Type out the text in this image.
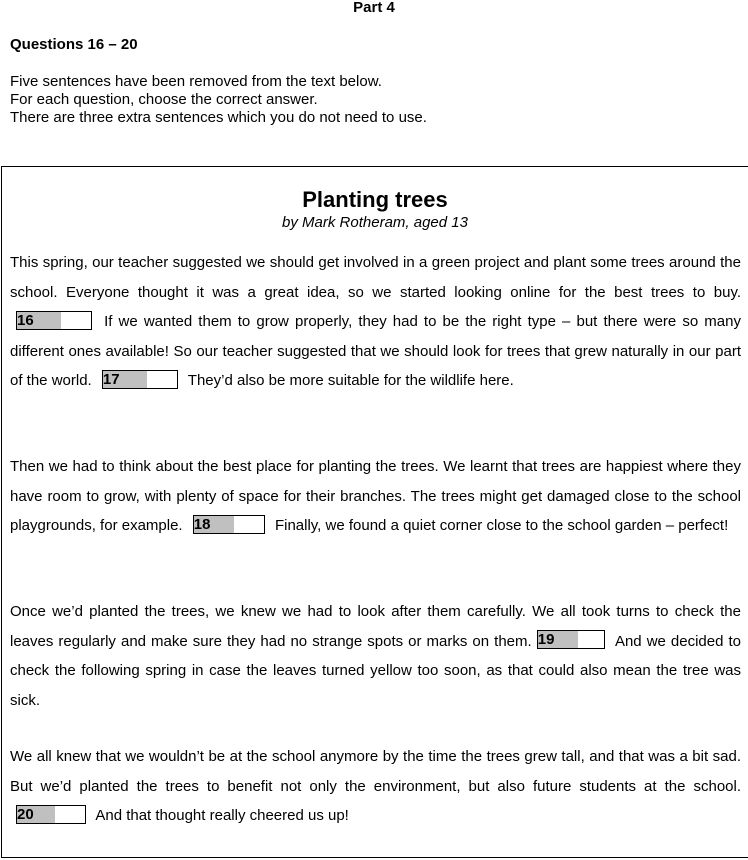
Part 4
Questions 16 – 20
Five sentences have been removed from the text below.
For each question, choose the correct answer.
There are three extra sentences which you do not need to use.
Planting trees
by Mark Rotheram, aged 13
This spring, our teacher suggested we should get involved in a green project and plant some trees around the school. Everyone thought it was a great idea, so we started looking online for the best trees to buy. 16	If we wanted them to grow properly, they had to be the right type – but there were so many different ones available! So our teacher suggested that we should look for trees that grew naturally in our part of the world. 17	They’d also be more suitable for the wildlife here.
Then we had to think about the best place for planting the trees. We learnt that trees are happiest where they have room to grow, with plenty of space for their branches. The trees might get damaged close to the school playgrounds, for example. 18	Finally, we found a quiet corner close to the school garden – perfect!
Once we’d planted the trees, we knew we had to look after them carefully. We all took turns to check the leaves regularly and make sure they had no strange spots or marks on them. 19	And we decided to check the following spring in case the leaves turned yellow too soon, as that could also mean the tree was sick.
We all knew that we wouldn’t be at the school anymore by the time the trees grew tall, and that was a bit sad. But we’d planted the trees to benefit not only the environment, but also future students at the school. 20	And that thought really cheered us up!
